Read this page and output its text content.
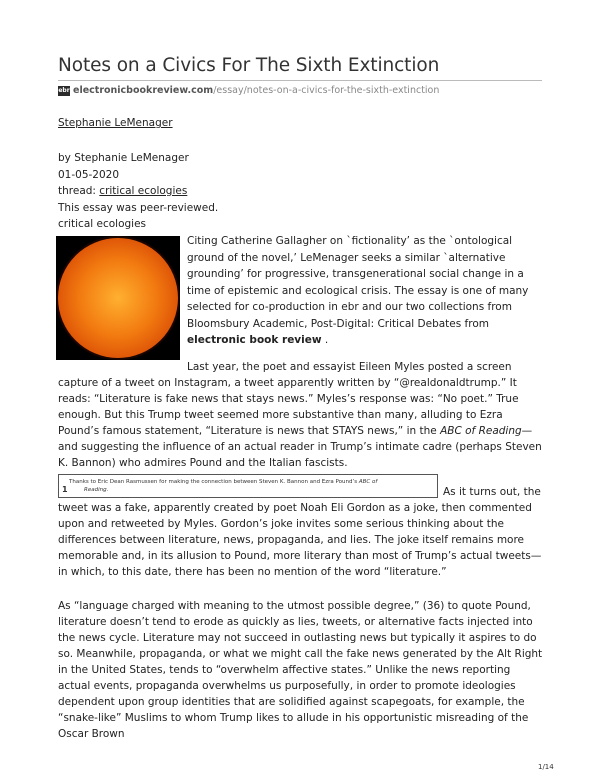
Notes on a Civics For The Sixth Extinction
ebr electronicbookreview.com /essay/notes-on-a-civics-for-the-sixth-extinction
Stephanie LeMenager
by Stephanie LeMenager
01-05-2020
thread: critical ecologies
This essay was peer-reviewed.
critical ecologies

Citing Catherine Gallagher on `fictionality’ as the `ontological ground of the novel,’ LeMenager seeks a similar `alternative grounding’ for progressive, transgenerational social change in a time of epistemic and ecological crisis. The essay is one of many selected for co-production in ebr and our two collections from Bloomsbury Academic, Post-Digital: Critical Debates from electronic book review .

Last year, the poet and essayist Eileen Myles posted a screen capture of a tweet on Instagram, a tweet apparently written by “@realdonaldtrump.” It reads: “Literature is fake news that stays news.” Myles’s response was: “No poet.” True enough. But this Trump tweet seemed more substantive than many, alluding to Ezra Pound’s famous statement, “Literature is news that STAYS news,” in the ABC of Reading—and suggesting the influence of an actual reader in Trump’s intimate cadre (perhaps Steven K. Bannon) who admires Pound and the Italian fascists.

Thanks to Eric Dean Rasmussen for making the connection between Steven K. Bannon and Ezra Pound’s ABC of
1	Reading.	As it turns out, the

tweet was a fake, apparently created by poet Noah Eli Gordon as a joke, then commented upon and retweeted by Myles. Gordon’s joke invites some serious thinking about the differences between literature, news, propaganda, and lies. The joke itself remains more memorable and, in its allusion to Pound, more literary than most of Trump’s actual tweets—in which, to this date, there has been no mention of the word “literature.”

As “language charged with meaning to the utmost possible degree,” (36) to quote Pound, literature doesn’t tend to erode as quickly as lies, tweets, or alternative facts injected into the news cycle. Literature may not succeed in outlasting news but typically it aspires to do so. Meanwhile, propaganda, or what we might call the fake news generated by the Alt Right in the United States, tends to “overwhelm affective states.” Unlike the news reporting actual events, propaganda overwhelms us purposefully, in order to promote ideologies dependent upon group identities that are solidified against scapegoats, for example, the “snake-like” Muslims to whom Trump likes to allude in his opportunistic misreading of the Oscar Brown

1/14
